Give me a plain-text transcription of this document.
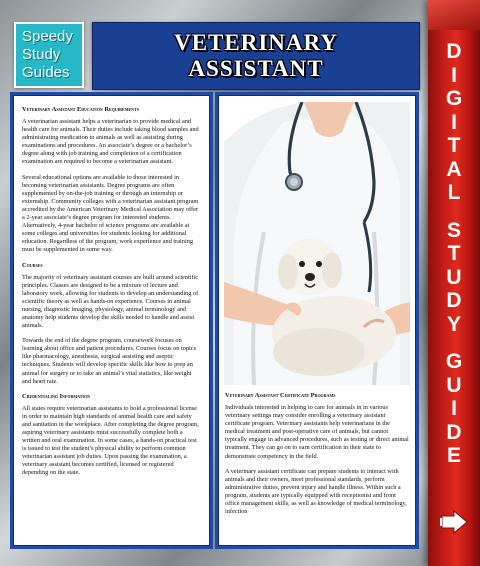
Speedy
Study
Guides
VETERINARY
ASSISTANT
Veterinary Assistant Education Requirements

A veterinarian assistant helps a veterinarian to provide medical and health care for animals. Their duties include taking blood samples and administrating medication to animals as well as assisting during examinations and procedures. An associate’s degree or a bachelor’s degree along with job training and completion of a certification examination are required to become a veterinarian assistant.

Several educational options are available to those interested in becoming veterinarian assistants. Degree programs are often supplemented by on-the-job training or through an internship or externship. Community colleges with a veterinarian assistant program accredited by the American Veterinary Medical Association may offer a 2-year associate’s degree program for interested students. Alternatively, 4-year bachelor of science programs are available at some colleges and universities for students looking for additional education. Regardless of the program, work experience and training must be supplemented in some way.

Courses

The majority of veterinary assistant courses are built around scientific principles. Classes are designed to be a mixture of lecture and laboratory work, allowing for students to develop an understanding of scientific theory as well as hands-on experience. Courses in animal nursing, diagnostic imaging, physiology, animal terminology and anatomy help students develop the skills needed to handle and assist animals.

Towards the end of the degree program, coursework focuses on learning about office and patient procedures. Courses focus on topics like pharmacology, anesthesia, surgical assisting and aseptic techniques. Students will develop specific skills like how to prep an animal for surgery or to take an animal’s vital statistics, like weight and heart rate.

Credentialing Information

All states require veterinarian assistants to hold a professional license in order to maintain high standards of animal health care and safety and sanitation in the workplace. After completing the degree program, aspiring veterinary assistants must successfully complete both a written and oral examination. In some cases, a hands-on practical test is issued to test the student’s physical ability to perform common veterinarian assistant job duties. Upon passing the examination, a veterinary assistant becomes certified, licensed or registered depending on the state.

Veterinary Assistant Certificate Programs

Individuals interested in helping to care for animals in in various veterinary settings may consider enrolling a veterinary assistant certificate program. Veterinary assistants help veterinarians in the medical treatment and post-operative care of animals, but cannot typically engage in advanced procedures, such as testing or direct animal treatment. They can go on to earn certification in their state to demonstrate competency in the field.

A veterinary assistant certificate can prepare students to interact with animals and their owners, meet professional standards, perform administrative duties, prevent injury and handle illness. Within such a program, students are typically equipped with receptionist and front office management skills, as well as knowledge of medical terminology, infection

D
I
G
I
T
A
L
S
T
U
D
Y
G
U
I
D
E
